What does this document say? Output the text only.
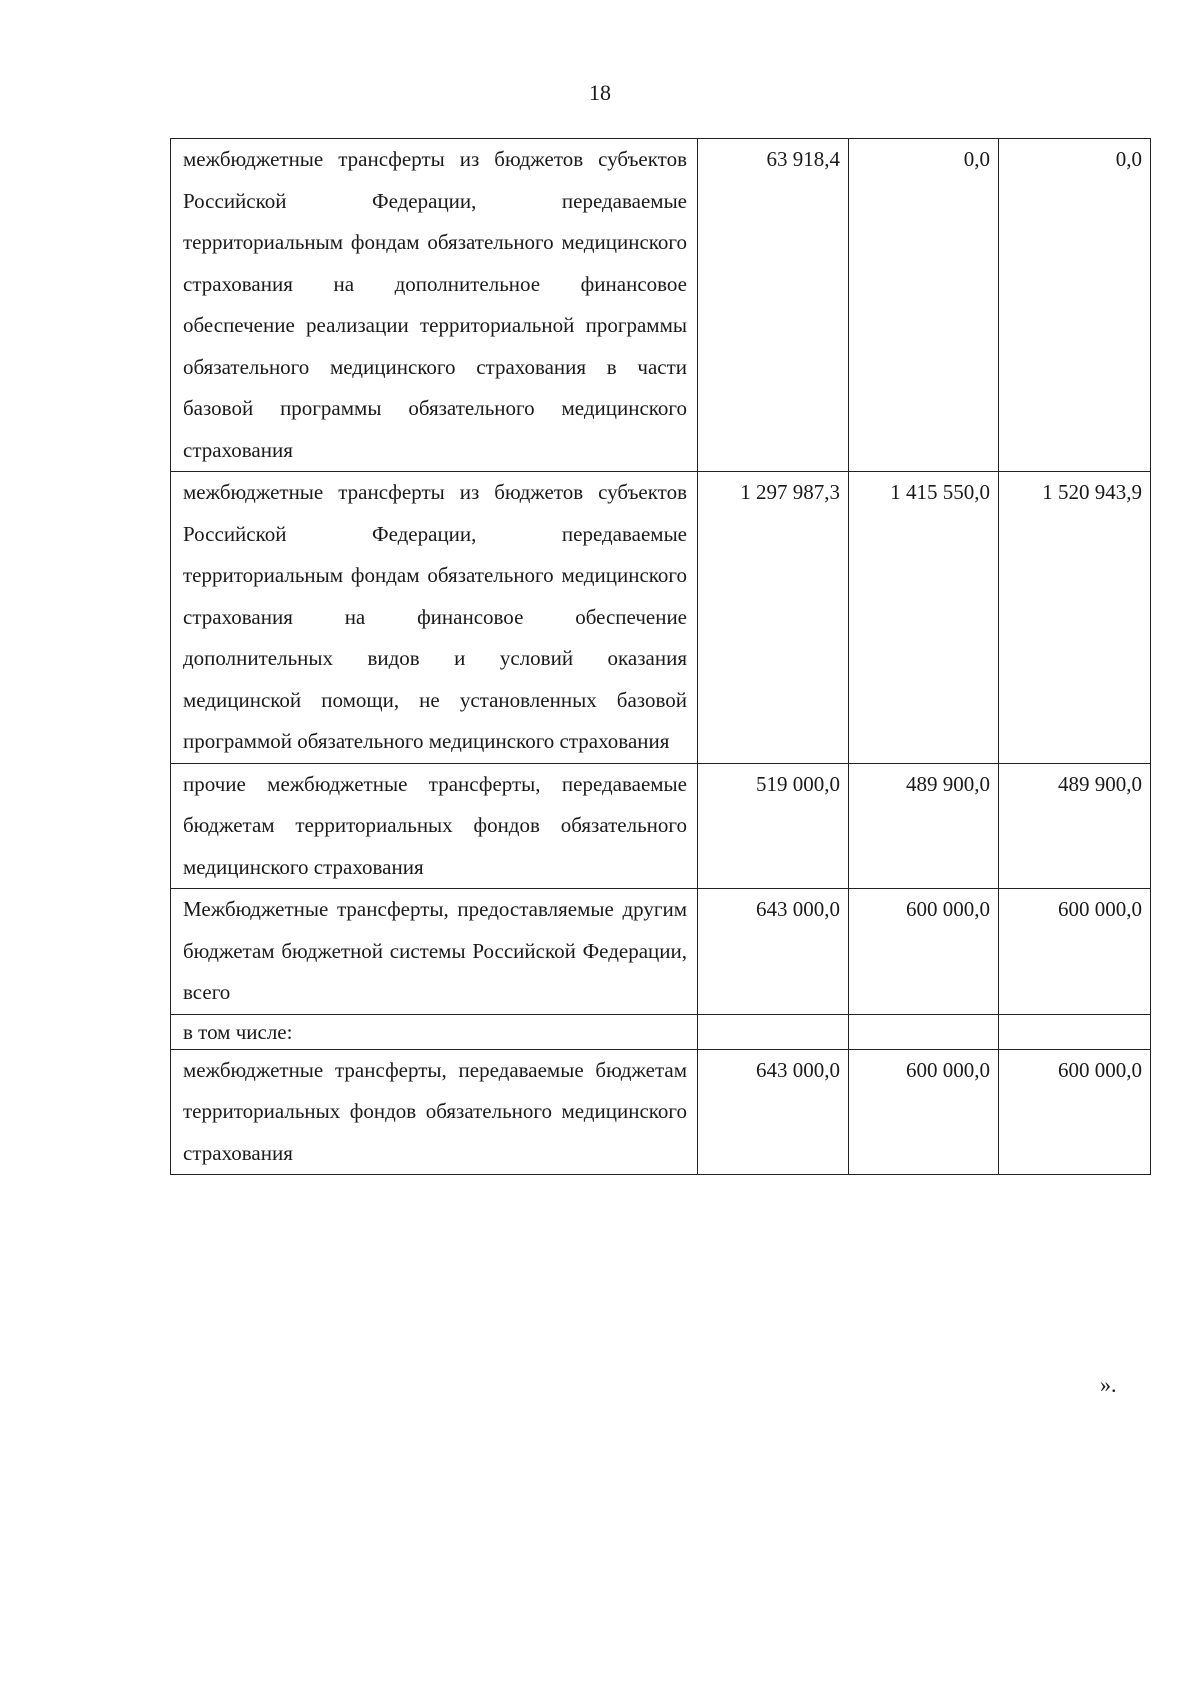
18
межбюджетные трансферты из бюджетов субъектов Российской Федерации, передаваемые территориальным фондам обязательного медицинского страхования на дополнительное финансовое обеспечение реализации территориальной программы обязательного медицинского страхования в части базовой программы обязательного медицинского страхования	63 918,4	0,0	0,0
межбюджетные трансферты из бюджетов субъектов Российской Федерации, передаваемые территориальным фондам обязательного медицинского страхования на финансовое обеспечение дополнительных видов и условий оказания медицинской помощи, не установленных базовой программой обязательного медицинского страхования	1 297 987,3	1 415 550,0	1 520 943,9
прочие межбюджетные трансферты, передаваемые бюджетам территориальных фондов обязательного медицинского страхования	519 000,0	489 900,0	489 900,0
Межбюджетные трансферты, предоставляемые другим бюджетам бюджетной системы Российской Федерации, всего	643 000,0	600 000,0	600 000,0
в том числе:			
межбюджетные трансферты, передаваемые бюджетам территориальных фондов обязательного медицинского страхования	643 000,0	600 000,0	600 000,0
».
